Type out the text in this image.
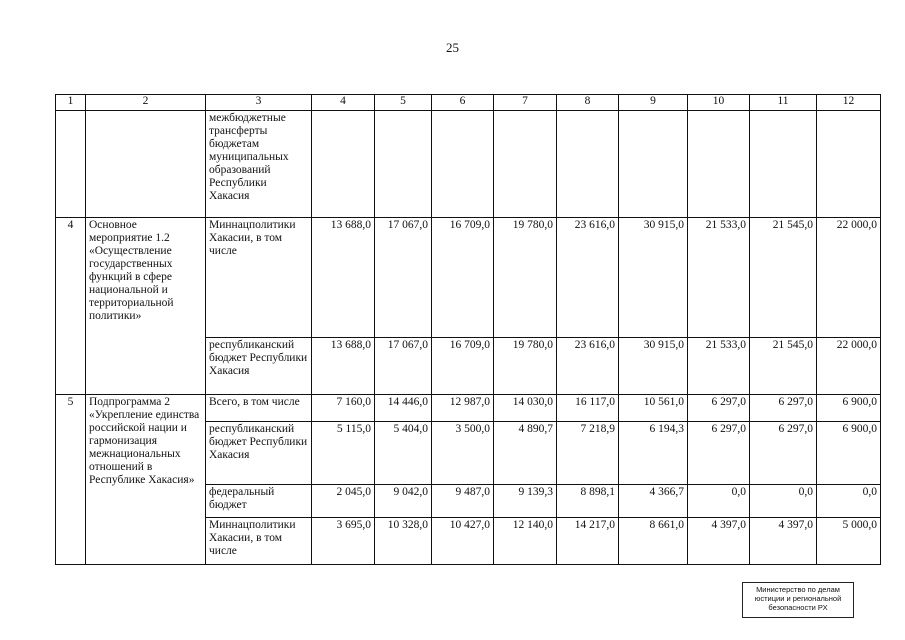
25
1	2	3	4	5	6	7	8	9	10	11	12
		межбюджетные трансферты бюджетам муниципальных образований Республики Хакасия									
4	Основное мероприятие 1.2 «Осуществление государственных функций в сфере национальной и территориальной политики»	Миннацполитики Хакасии, в том числе	13 688,0	17 067,0	16 709,0	19 780,0	23 616,0	30 915,0	21 533,0	21 545,0	22 000,0
		республиканский бюджет Республики Хакасия	13 688,0	17 067,0	16 709,0	19 780,0	23 616,0	30 915,0	21 533,0	21 545,0	22 000,0
5	Подпрограмма 2 «Укрепление единства российской нации и гармонизация межнациональных отношений в Республике Хакасия»	Всего, в том числе	7 160,0	14 446,0	12 987,0	14 030,0	16 117,0	10 561,0	6 297,0	6 297,0	6 900,0
		республиканский бюджет Республики Хакасия	5 115,0	5 404,0	3 500,0	4 890,7	7 218,9	6 194,3	6 297,0	6 297,0	6 900,0
		федеральный бюджет	2 045,0	9 042,0	9 487,0	9 139,3	8 898,1	4 366,7	0,0	0,0	0,0
		Миннацполитики Хакасии, в том числе	3 695,0	10 328,0	10 427,0	12 140,0	14 217,0	8 661,0	4 397,0	4 397,0	5 000,0
Министерство по делам
юстиции и региональной
безопасности РХ
